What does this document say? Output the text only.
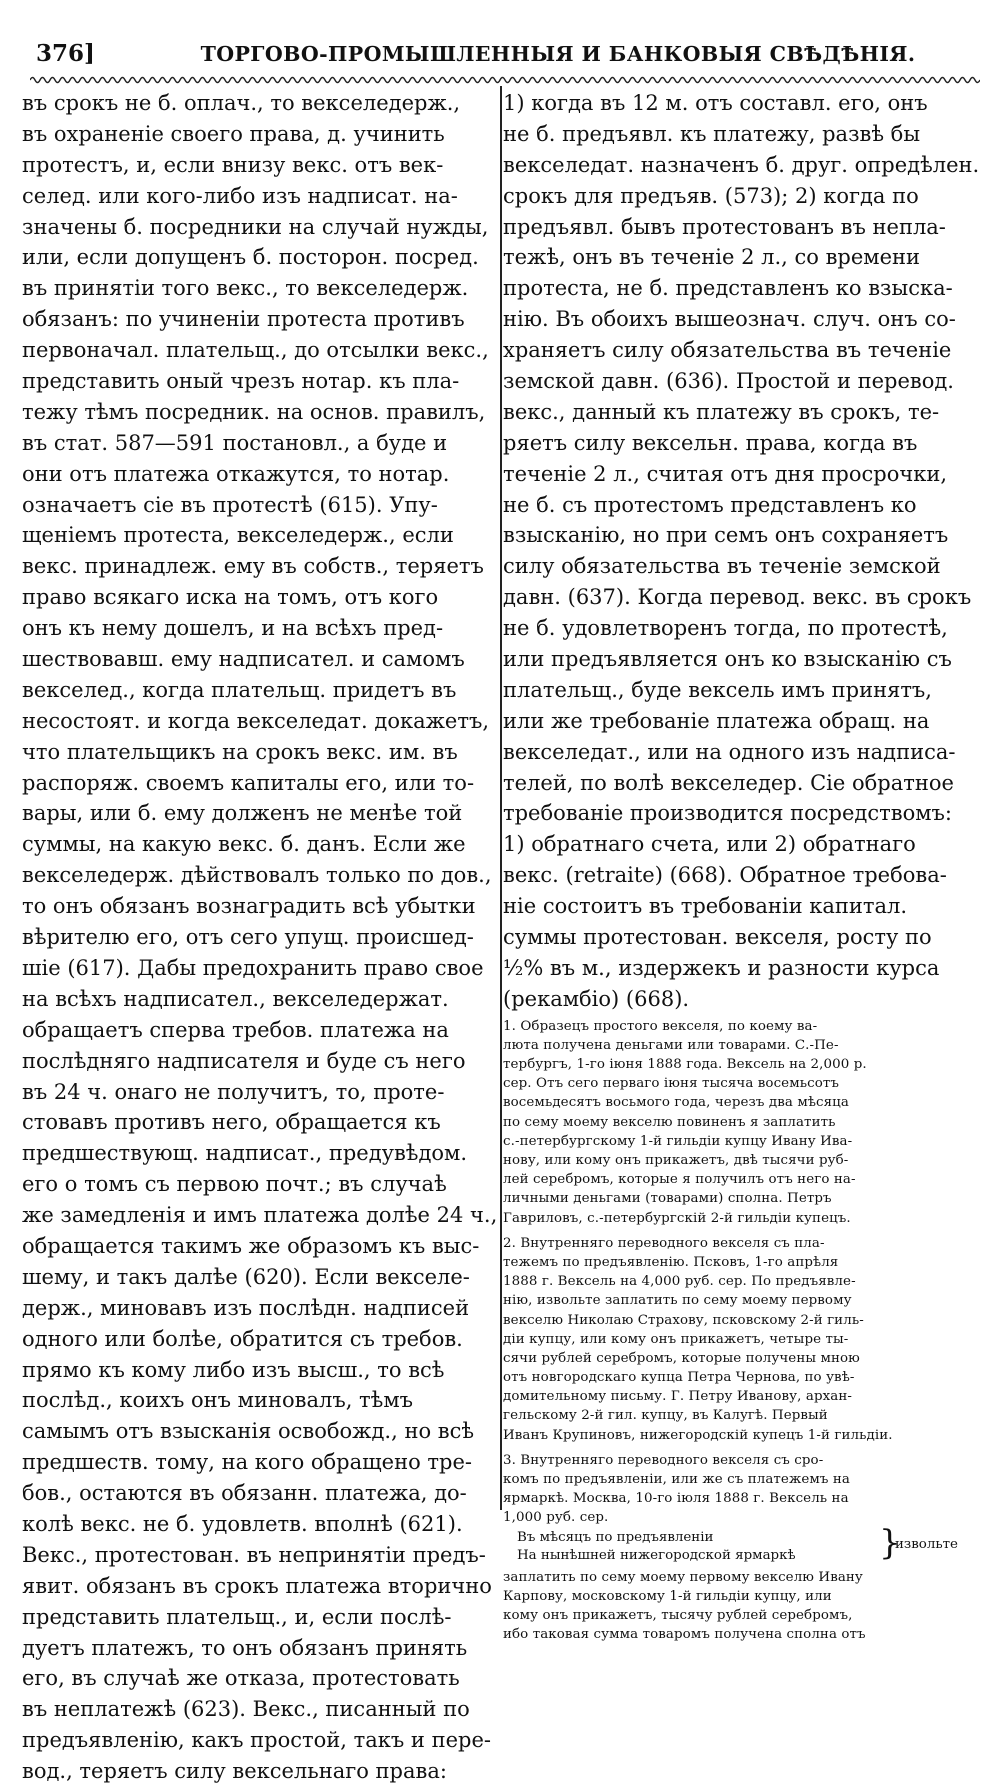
376]	ТОРГОВО-ПРОМЫШЛЕННЫЯ И БАНКОВЫЯ СВѢДѢНІЯ.
въ срокъ не б. оплач., то векселедерж.,
въ охраненіе своего права, д. учинить
протестъ, и, если внизу векс. отъ век-
селед. или кого-либо изъ надписат. на-
значены б. посредники на случай нужды,
или, если допущенъ б. посторон. посред.
въ принятіи того векс., то векселедерж.
обязанъ: по учиненіи протеста противъ
первоначал. плательщ., до отсылки векс.,
представить оный чрезъ нотар. къ пла-
тежу тѣмъ посредник. на основ. правилъ,
въ стат. 587—591 постановл., а буде и
они отъ платежа откажутся, то нотар.
означаетъ сіе въ протестѣ (615). Упу-
щеніемъ протеста, векселедерж., если
векс. принадлеж. ему въ собств., теряетъ
право всякаго иска на томъ, отъ кого
онъ къ нему дошелъ, и на всѣхъ пред-
шествовавш. ему надписател. и самомъ
векселед., когда плательщ. придетъ въ
несостоят. и когда векселедат. докажетъ,
что плательщикъ на срокъ векс. им. въ
распоряж. своемъ капиталы его, или то-
вары, или б. ему долженъ не менѣе той
суммы, на какую векс. б. данъ. Если же
векселедерж. дѣйствовалъ только по дов.,
то онъ обязанъ вознаградить всѣ убытки
вѣрителю его, отъ сего упущ. происшед-
шіе (617). Дабы предохранить право свое
на всѣхъ надписател., векселедержат.
обращаетъ сперва требов. платежа на
послѣдняго надписателя и буде съ него
въ 24 ч. онаго не получитъ, то, проте-
стовавъ противъ него, обращается къ
предшествующ. надписат., предувѣдом.
его о томъ съ первою почт.; въ случаѣ
же замедленія и имъ платежа долѣе 24 ч.,
обращается такимъ же образомъ къ выс-
шему, и такъ далѣе (620). Если векселе-
держ., миновавъ изъ послѣдн. надписей
одного или болѣе, обратится съ требов.
прямо къ кому либо изъ высш., то всѣ
послѣд., коихъ онъ миновалъ, тѣмъ
самымъ отъ взысканія освобожд., но всѣ
предшеств. тому, на кого обращено тре-
бов., остаются въ обязанн. платежа, до-
колѣ векс. не б. удовлетв. вполнѣ (621).
Векс., протестован. въ непринятіи предъ-
явит. обязанъ въ срокъ платежа вторично
представить плательщ., и, если послѣ-
дуетъ платежъ, то онъ обязанъ принять
его, въ случаѣ же отказа, протестовать
въ неплатежѣ (623). Векс., писанный по
предъявленію, какъ простой, такъ и пере-
вод., теряетъ силу вексельнаго права:
1) когда въ 12 м. отъ составл. его, онъ
не б. предъявл. къ платежу, развѣ бы
векселедат. назначенъ б. друг. опредѣлен.
срокъ для предъяв. (573); 2) когда по
предъявл. бывъ протестованъ въ непла-
тежѣ, онъ въ теченіе 2 л., со времени
протеста, не б. представленъ ко взыска-
нію. Въ обоихъ вышеознач. случ. онъ со-
храняетъ силу обязательства въ теченіе
земской давн. (636). Простой и перевод.
векс., данный къ платежу въ срокъ, те-
ряетъ силу вексельн. права, когда въ
теченіе 2 л., считая отъ дня просрочки,
не б. съ протестомъ представленъ ко
взысканію, но при семъ онъ сохраняетъ
силу обязательства въ теченіе земской
давн. (637). Когда перевод. векс. въ срокъ
не б. удовлетворенъ тогда, по протестѣ,
или предъявляется онъ ко взысканію съ
плательщ., буде вексель имъ принятъ,
или же требованіе платежа обращ. на
векселедат., или на одного изъ надписа-
телей, по волѣ векселедер. Сіе обратное
требованіе производится посредствомъ:
1) обратнаго счета, или 2) обратнаго
векс. (retraite) (668). Обратное требова-
ніе состоитъ въ требованіи капитал.
суммы протестован. векселя, росту по
½% въ м., издержекъ и разности курса
(рекамбіо) (668).
1. Образецъ простого векселя, по коему ва-
люта получена деньгами или товарами. С.-Пе-
тербургъ, 1-го іюня 1888 года. Вексель на 2,000 р.
сер. Отъ сего перваго іюня тысяча восемьсотъ
восемьдесятъ восьмого года, черезъ два мѣсяца
по сему моему векселю повиненъ я заплатить
с.-петербургскому 1-й гильдіи купцу Ивану Ива-
нову, или кому онъ прикажетъ, двѣ тысячи руб-
лей серебромъ, которые я получилъ отъ него на-
личными деньгами (товарами) сполна. Петръ
Гавриловъ, с.-петербургскій 2-й гильдіи купецъ.
2. Внутренняго переводного векселя съ пла-
тежемъ по предъявленію. Псковъ, 1-го апрѣля
1888 г. Вексель на 4,000 руб. сер. По предъявле-
нію, извольте заплатить по сему моему первому
векселю Николаю Страхову, псковскому 2-й гиль-
діи купцу, или кому онъ прикажетъ, четыре ты-
сячи рублей серебромъ, которые получены мною
отъ новгородскаго купца Петра Чернова, по увѣ-
домительному письму. Г. Петру Иванову, архан-
гельскому 2-й гил. купцу, въ Калугѣ. Первый
Иванъ Крупиновъ, нижегородскій купецъ 1-й гильдіи.
3. Внутренняго переводного векселя съ сро-
комъ по предъявленіи, или же съ платежемъ на
ярмаркѣ. Москва, 10-го іюля 1888 г. Вексель на
1,000 руб. сер.
Въ мѣсяцъ по предъявленіи
На нынѣшней нижегородской ярмаркѣ }
извольте
заплатить по сему моему первому векселю Ивану
Карпову, московскому 1-й гильдіи купцу, или
кому онъ прикажетъ, тысячу рублей серебромъ,
ибо таковая сумма товаромъ получена сполна отъ
